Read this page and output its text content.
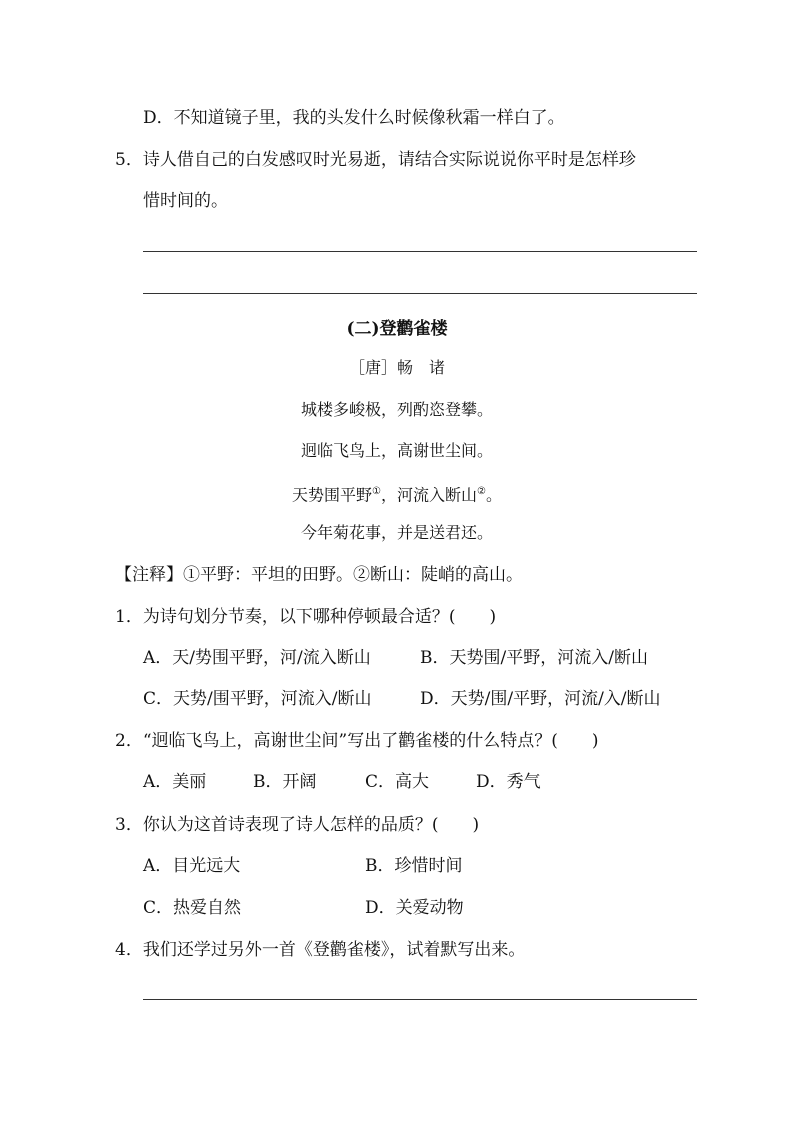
D．不知道镜子里，我的头发什么时候像秋霜一样白了。
5．诗人借自己的白发感叹时光易逝，请结合实际说说你平时是怎样珍
惜时间的。
(二)登鹳雀楼
［唐］畅　诸
城楼多峻极，列酌恣登攀。
迥临飞鸟上，高谢世尘间。
天势围平野①，河流入断山②。
今年菊花事，并是送君还。
【注释】①平野：平坦的田野。②断山：陡峭的高山。
1．为诗句划分节奏，以下哪种停顿最合适？(　　)
A．天/势围平野，河/流入断山	B．天势围/平野，河流入/断山
C．天势/围平野，河流入/断山	D．天势/围/平野，河流/入/断山
2．“迥临飞鸟上，高谢世尘间”写出了鹳雀楼的什么特点？(　　)
A．美丽	B．开阔	C．高大	D．秀气
3．你认为这首诗表现了诗人怎样的品质？(　　)
A．目光远大	B．珍惜时间
C．热爱自然	D．关爱动物
4．我们还学过另外一首《登鹳雀楼》，试着默写出来。
